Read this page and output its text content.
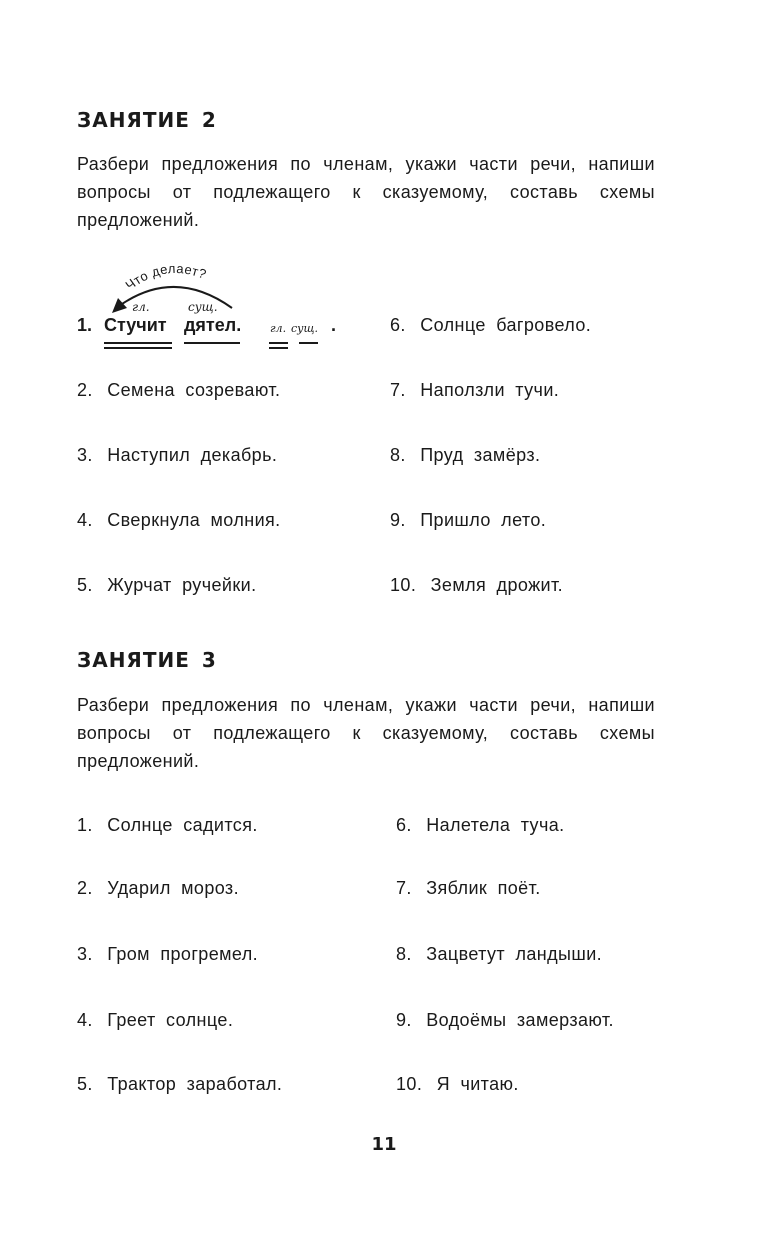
ЗАНЯТИЕ 2
Разбери предложения по членам, укажи части речи, напиши вопросы от подлежащего к сказуемому, составь схемы предложений.
Что делает?
гл.	сущ.
1. Стучит дятел.	гл. сущ. .
2. Семена созревают.
3. Наступил декабрь.
4. Сверкнула молния.
5. Журчат ручейки.
6. Солнце багровело.
7. Наползли тучи.
8. Пруд замёрз.
9. Пришло лето.
10. Земля дрожит.
ЗАНЯТИЕ 3
Разбери предложения по членам, укажи части речи, напиши вопросы от подлежащего к сказуемому, составь схемы предложений.
1. Солнце садится.
2. Ударил мороз.
3. Гром прогремел.
4. Греет солнце.
5. Трактор заработал.
6. Налетела туча.
7. Зяблик поёт.
8. Зацветут ландыши.
9. Водоёмы замерзают.
10. Я читаю.
11
